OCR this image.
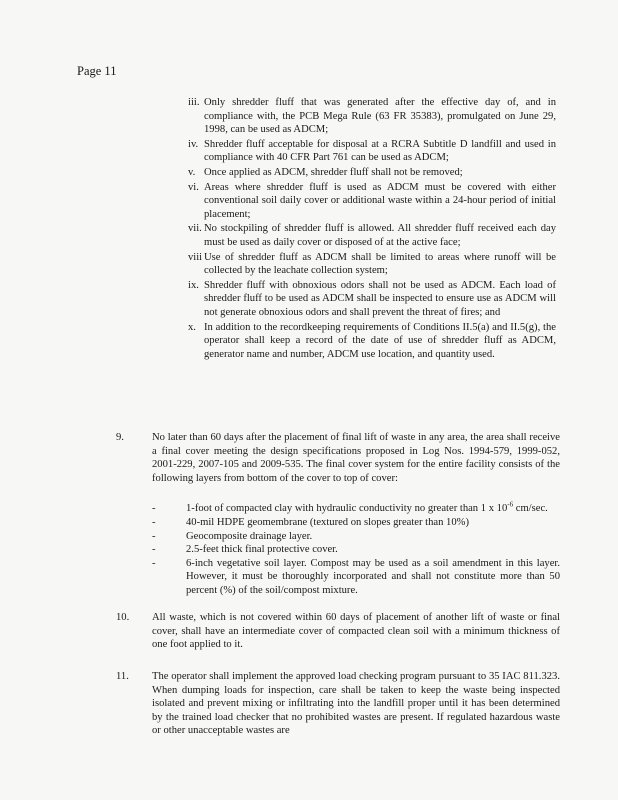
Page 11
iii. Only shredder fluff that was generated after the effective day of, and in compliance with, the PCB Mega Rule (63 FR 35383), promulgated on June 29, 1998, can be used as ADCM;
iv. Shredder fluff acceptable for disposal at a RCRA Subtitle D landfill and used in compliance with 40 CFR Part 761 can be used as ADCM;
v. Once applied as ADCM, shredder fluff shall not be removed;
vi. Areas where shredder fluff is used as ADCM must be covered with either conventional soil daily cover or additional waste within a 24-hour period of initial placement;
vii. No stockpiling of shredder fluff is allowed. All shredder fluff received each day must be used as daily cover or disposed of at the active face;
viii Use of shredder fluff as ADCM shall be limited to areas where runoff will be collected by the leachate collection system;
ix. Shredder fluff with obnoxious odors shall not be used as ADCM. Each load of shredder fluff to be used as ADCM shall be inspected to ensure use as ADCM will not generate obnoxious odors and shall prevent the threat of fires; and
x. In addition to the recordkeeping requirements of Conditions II.5(a) and II.5(g), the operator shall keep a record of the date of use of shredder fluff as ADCM, generator name and number, ADCM use location, and quantity used.
9.	No later than 60 days after the placement of final lift of waste in any area, the area shall receive a final cover meeting the design specifications proposed in Log Nos. 1994-579, 1999-052, 2001-229, 2007-105 and 2009-535. The final cover system for the entire facility consists of the following layers from bottom of the cover to top of cover:
-	1-foot of compacted clay with hydraulic conductivity no greater than 1 x $10^{-6}$ cm/sec.
-	40-mil HDPE geomembrane (textured on slopes greater than 10%)
-	Geocomposite drainage layer.
-	2.5-feet thick final protective cover.
-	6-inch vegetative soil layer. Compost may be used as a soil amendment in this layer. However, it must be thoroughly incorporated and shall not constitute more than 50 percent (%) of the soil/compost mixture.
10.	All waste, which is not covered within 60 days of placement of another lift of waste or final cover, shall have an intermediate cover of compacted clean soil with a minimum thickness of one foot applied to it.
11.	The operator shall implement the approved load checking program pursuant to 35 IAC 811.323. When dumping loads for inspection, care shall be taken to keep the waste being inspected isolated and prevent mixing or infiltrating into the landfill proper until it has been determined by the trained load checker that no prohibited wastes are present. If regulated hazardous waste or other unacceptable wastes are
